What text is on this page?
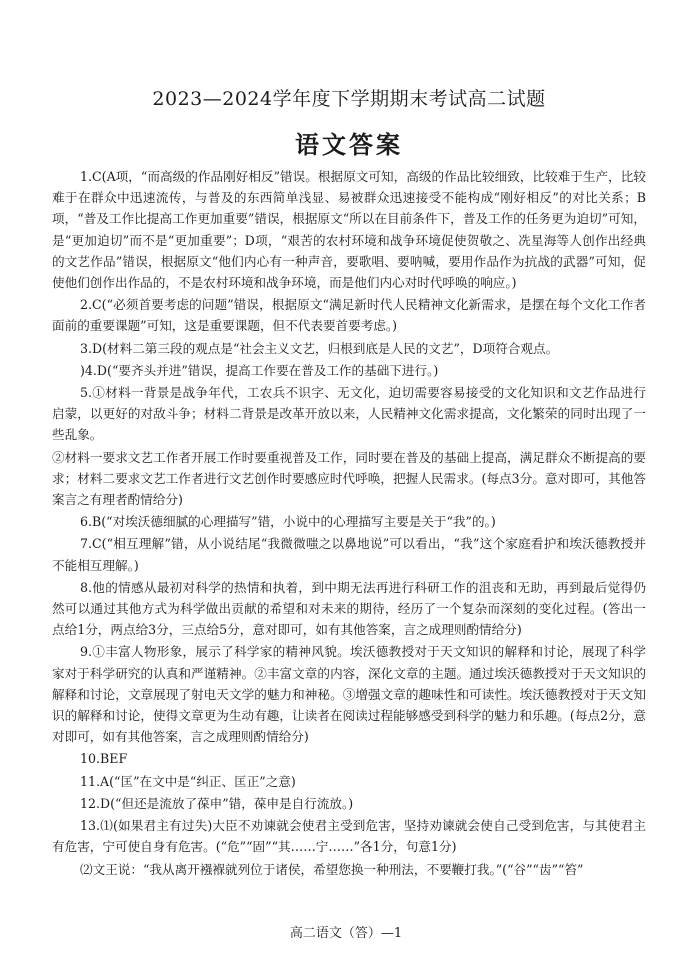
2023—2024学年度下学期期末考试高二试题
语文答案

1.C(A项，“而高级的作品刚好相反”错误。根据原文可知，高级的作品比较细致，比较难于生产，比较难于在群众中迅速流传，与普及的东西简单浅显、易被群众迅速接受不能构成“刚好相反”的对比关系；B项，“普及工作比提高工作更加重要”错误，根据原文“所以在目前条件下，普及工作的任务更为迫切”可知，是“更加迫切”而不是“更加重要”；D项，“艰苦的农村环境和战争环境促使贺敬之、冼星海等人创作出经典的文艺作品”错误，根据原文“他们内心有一种声音，要歌唱、要呐喊，要用作品作为抗战的武器”可知，促使他们创作出作品的，不是农村环境和战争环境，而是他们内心对时代呼唤的响应。)

2.C(“必须首要考虑的问题”错误，根据原文“满足新时代人民精神文化新需求，是摆在每个文化工作者面前的重要课题”可知，这是重要课题，但不代表要首要考虑。)

3.D(材料二第三段的观点是“社会主义文艺，归根到底是人民的文艺”，D项符合观点。

)4.D(“要齐头并进”错误，提高工作要在普及工作的基础下进行。)

5.①材料一背景是战争年代，工农兵不识字、无文化，迫切需要容易接受的文化知识和文艺作品进行启蒙，以更好的对敌斗争；材料二背景是改革开放以来，人民精神文化需求提高，文化繁荣的同时出现了一些乱象。

②材料一要求文艺工作者开展工作时要重视普及工作，同时要在普及的基础上提高，满足群众不断提高的要求；材料二要求文艺工作者进行文艺创作时要感应时代呼唤，把握人民需求。(每点3分。意对即可，其他答案言之有理者酌情给分)

6.B(“对埃沃德细腻的心理描写”错，小说中的心理描写主要是关于“我”的。)

7.C(“相互理解”错，从小说结尾“我微微嗤之以鼻地说”可以看出，“我”这个家庭看护和埃沃德教授并不能相互理解。)

8.他的情感从最初对科学的热情和执着，到中期无法再进行科研工作的沮丧和无助，再到最后觉得仍然可以通过其他方式为科学做出贡献的希望和对未来的期待，经历了一个复杂而深刻的变化过程。(答出一点给1分，两点给3分，三点给5分，意对即可，如有其他答案，言之成理则酌情给分)

9.①丰富人物形象，展示了科学家的精神风貌。埃沃德教授对于天文知识的解释和讨论，展现了科学家对于科学研究的认真和严谨精神。②丰富文章的内容，深化文章的主题。通过埃沃德教授对于天文知识的解释和讨论，文章展现了射电天文学的魅力和神秘。③增强文章的趣味性和可读性。埃沃德教授对于天文知识的解释和讨论，使得文章更为生动有趣，让读者在阅读过程能够感受到科学的魅力和乐趣。(每点2分，意对即可，如有其他答案，言之成理则酌情给分)

10.BEF

11.A(“匡”在文中是“纠正、匡正”之意)

12.D(“但还是流放了葆申”错，葆申是自行流放。)

13.⑴(如果君主有过失)大臣不劝谏就会使君主受到危害，坚持劝谏就会使自己受到危害，与其使君主有危害，宁可使自身有危害。(“危”“固”“其……宁……”各1分，句意1分)

⑵文王说：“我从离开襁褓就列位于诸侯，希望您换一种刑法，不要鞭打我。”(“谷”“齿”“笞”

高二语文（答）—1
